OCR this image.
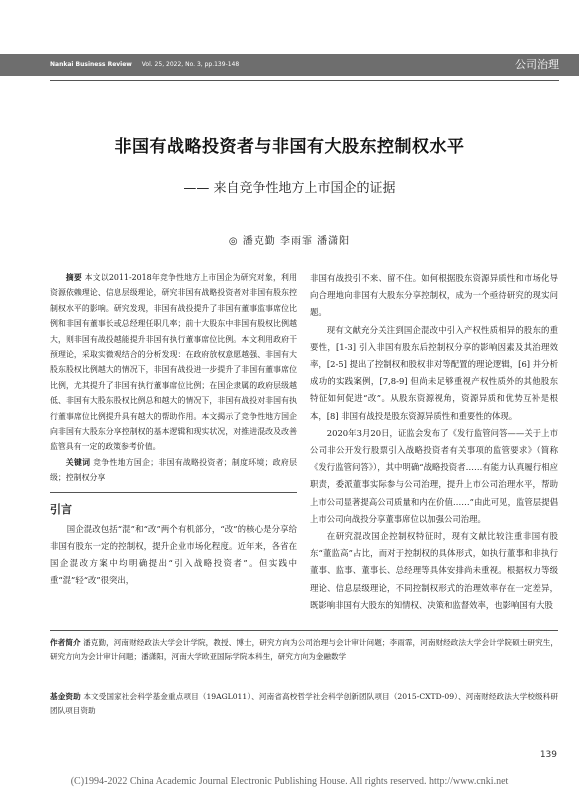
Nankai Business Review Vol. 25, 2022, No. 3, pp.139-148	公司治理
非国有战略投资者与非国有大股东控制权水平
—— 来自竞争性地方上市国企的证据
◎ 潘克勤 李雨霏 潘潇阳

摘要 本文以2011-2018年竞争性地方上市国企为研究对象，利用资源依赖理论、信息层级理论，研究非国有战略投资者对非国有股东控制权水平的影响。研究发现，非国有战投提升了非国有董事监事席位比例和非国有董事长或总经理任职几率；前十大股东中非国有股权比例越大，则非国有战投越能提升非国有执行董事席位比例。本文利用政府干预理论，采取实微观结合的分析发现：在政府放权意愿越强、非国有大股东股权比例越大的情况下，非国有战投进一步提升了非国有董事席位比例，尤其提升了非国有执行董事席位比例；在国企隶属的政府层级越低、非国有大股东股权比例总和越大的情况下，非国有战投对非国有执行董事席位比例提升具有越大的帮助作用。本文揭示了竞争性地方国企向非国有大股东分享控制权的基本逻辑和现实状况，对推进混改及改善监管具有一定的政策参考价值。

关键词 竞争性地方国企；非国有战略投资者；制度环境；政府层级；控制权分享

引言

国企混改包括“混”和“改”两个有机部分，“改”的核心是分享给非国有股东一定的控制权，提升企业市场化程度。近年来，各省在国企混改方案中均明确提出“引入战略投资者”。但实践中重“混”轻“改”很突出，

非国有战投引不来、留不住。如何根据股东资源异质性和市场化导向合理地向非国有大股东分享控制权，成为一个亟待研究的现实问题。

现有文献充分关注到国企混改中引入产权性质相异的股东的重要性，[1-3] 引入非国有股东后控制权分享的影响因素及其治理效率，[2-5] 提出了控制权和股权非对等配置的理论逻辑，[6] 并分析成功的实践案例，[7,8-9] 但尚未足够重视产权性质外的其他股东特征如何促进“改”。从股东资源视角，资源异质和优势互补是根本，[8] 非国有战投是股东资源异质性和重要性的体现。

2020年3月20日，证监会发布了《发行监管问答——关于上市公司非公开发行股票引入战略投资者有关事项的监管要求》（简称《发行监管问答》），其中明确“战略投资者……有能力认真履行相应职责，委派董事实际参与公司治理，提升上市公司治理水平，帮助上市公司显著提高公司质量和内在价值……”由此可见，监管层提倡上市公司向战投分享董事席位以加强公司治理。

在研究混改国企控制权特征时，现有文献比较注重非国有股东“董监高”占比，而对于控制权的具体形式，如执行董事和非执行董事、监事、董事长、总经理等具体安排尚未重视。根据权力等级理论、信息层级理论，不同控制权形式的治理效率存在一定差异，既影响非国有大股东的知情权、决策和监督效率，也影响国有大股

作者简介 潘克勤，河南财经政法大学会计学院，教授、博士，研究方向为公司治理与会计审计问题；李雨霏，河南财经政法大学会计学院硕士研究生，研究方向为会计审计问题；潘潇阳，河南大学欧亚国际学院本科生，研究方向为金融数学
基金资助 本文受国家社会科学基金重点项目（19AGL011）、河南省高校哲学社会科学创新团队项目（2015-CXTD-09）、河南财经政法大学校级科研团队项目资助
139
(C)1994-2022 China Academic Journal Electronic Publishing House. All rights reserved. http://www.cnki.net
